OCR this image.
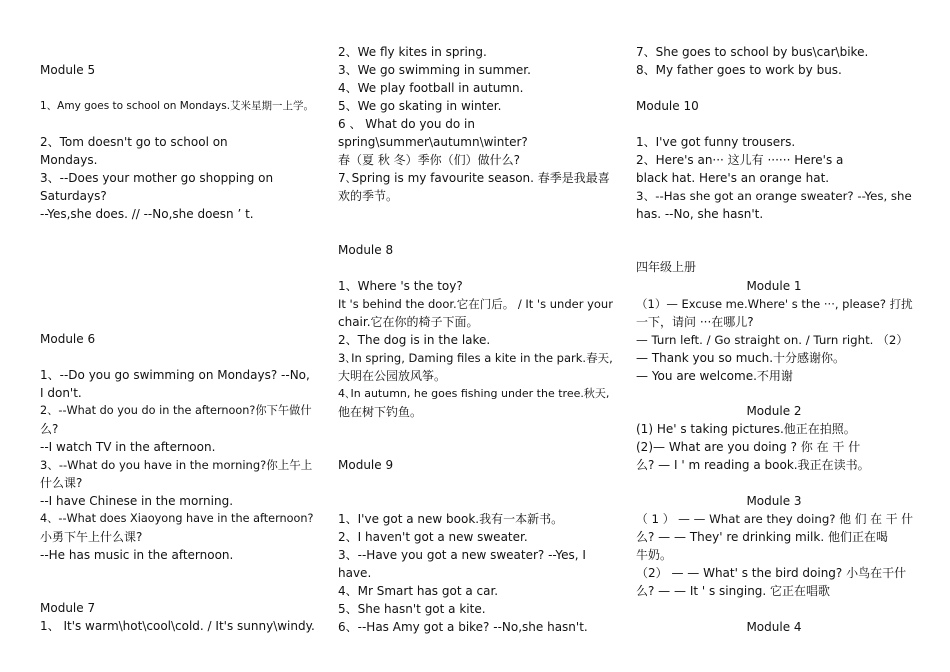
Module 5
1、Amy goes to school on Mondays.艾米星期一上学。
2、Tom doesn't go to school on
Mondays.
3、--Does your mother go shopping on
Saturdays?
--Yes,she does. // --No,she doesn ’ t.
Module 6
1、--Do you go swimming on Mondays? --No,
I don't.
2、--What do you do in the afternoon?你下午做什
么?
--I watch TV in the afternoon.
3、--What do you have in the morning?你上午上
什么课?
--I have Chinese in the morning.
4、--What does Xiaoyong have in the afternoon?
小勇下午上什么课?
--He has music in the afternoon.
Module 7
1、 It's warm\hot\cool\cold. / It's sunny\windy.
2、We fly kites in spring.
3、We go swimming in summer.
4、We play football in autumn.
5、We go skating in winter.
6 、 What do you do in
spring\summer\autumn\winter?
春（夏 秋 冬）季你（们）做什么?
7､Spring is my favourite season. 春季是我最喜
欢的季节。
Module 8
1、Where 's the toy?
It 's behind the door.它在门后。 / It 's under your
chair.它在你的椅子下面。
2、The dog is in the lake.
3､In spring, Daming files a kite in the park.春天,
大明在公园放风筝。
4､In autumn, he goes fishing under the tree.秋天,
他在树下钓鱼。
Module 9
1、I've got a new book.我有一本新书。
2、I haven't got a new sweater.
3、--Have you got a new sweater? --Yes, I
have.
4、Mr Smart has got a car.
5、She hasn't got a kite.
6、--Has Amy got a bike? --No,she hasn't.
7、She goes to school by bus\car\bike.
8、My father goes to work by bus.
Module 10
1、I've got funny trousers.
2、Here's an··· 这儿有 ······ Here's a
black hat. Here's an orange hat.
3、--Has she got an orange sweater? --Yes, she
has. --No, she hasn't.
四年级上册
Module 1
（1）— Excuse me.Where' s the ···, please? 打扰
一下，请问 ···在哪儿?
— Turn left. / Go straight on. / Turn right. （2）
— Thank you so much.十分感谢你。
— You are welcome.不用谢
Module 2
(1) He' s taking pictures.他正在拍照。
(2)— What are you doing ? 你 在 干 什
么? — I ' m reading a book.我正在读书。
Module 3
（ 1 ） — — What are they doing? 他 们 在 干 什
么? — — They' re drinking milk. 他们正在喝
牛奶。
（2） — — What' s the bird doing? 小鸟在干什
么? — — It ' s singing. 它正在唱歌
Module 4
